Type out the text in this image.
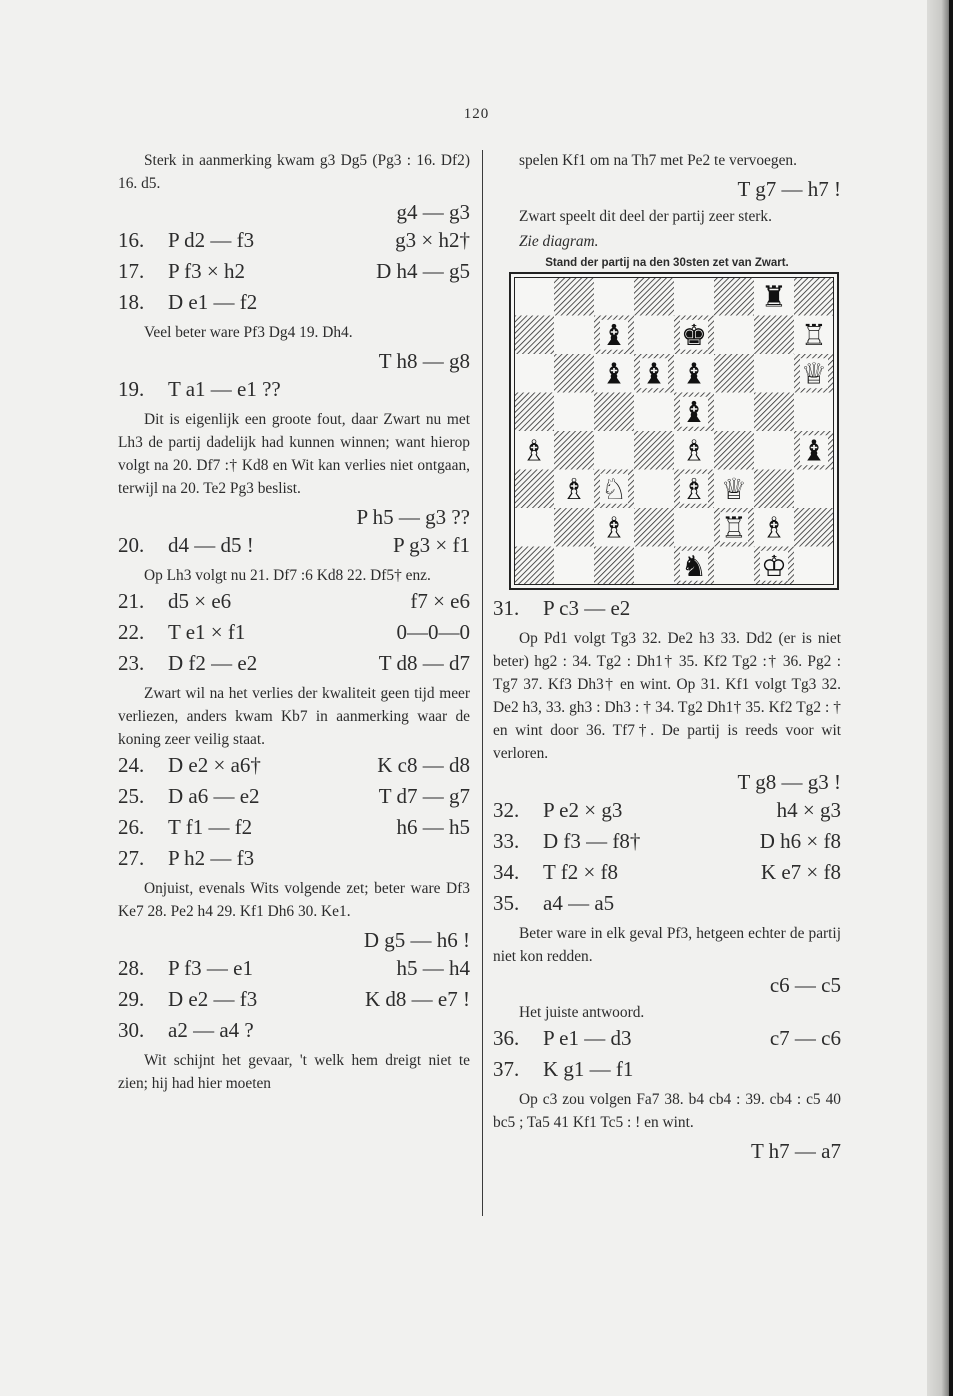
120

Sterk in aanmerking kwam g3 Dg5 (Pg3 : 16. Df2) 16. d5.

g4 — g3
16.	P d2 — f3	g3 × h2†
17.	P f3 × h2	D h4 — g5
18.	D e1 — f2

Veel beter ware Pf3 Dg4 19. Dh4.

T h8 — g8
19.	T a1 — e1 ??

Dit is eigenlijk een groote fout, daar Zwart nu met Lh3 de partij dadelijk had kunnen winnen; want hierop volgt na 20. Df7 :† Kd8 en Wit kan verlies niet ontgaan, terwijl na 20. Te2 Pg3 beslist.

P h5 — g3 ??
20.	d4 — d5 !	P g3 × f1

Op Lh3 volgt nu 21. Df7 :6 Kd8 22. Df5† enz.

21.	d5 × e6	f7 × e6
22.	T e1 × f1	0—0—0
23.	D f2 — e2	T d8 — d7

Zwart wil na het verlies der kwaliteit geen tijd meer verliezen, anders kwam Kb7 in aanmerking waar de koning zeer veilig staat.

24.	D e2 × a6†	K c8 — d8
25.	D a6 — e2	T d7 — g7
26.	T f1 — f2	h6 — h5
27.	P h2 — f3

Onjuist, evenals Wits volgende zet; beter ware Df3 Ke7 28. Pe2 h4 29. Kf1 Dh6 30. Ke1.

D g5 — h6 !
28.	P f3 — e1	h5 — h4
29.	D e2 — f3	K d8 — e7 !
30.	a2 — a4 ?

Wit schijnt het gevaar, 't welk hem dreigt niet te zien; hij had hier moeten

spelen Kf1 om na Th7 met Pe2 te vervoegen.

T g7 — h7 !

Zwart speelt dit deel der partij zeer sterk.

Zie diagram.

Stand der partij na den 30sten zet van Zwart.
♜
♝ ♚	♖
♝ ♝ ♝	♕
♝
♗	♗	♝
♗ ♘ ♗ ♕
♗	♖ ♗
♞ ♔
31.	P c3 — e2

Op Pd1 volgt Tg3 32. De2 h3 33. Dd2 (er is niet beter) hg2 : 34. Tg2 : Dh1† 35. Kf2 Tg2 :† 36. Pg2 : Tg7 37. Kf3 Dh3† en wint. Op 31. Kf1 volgt Tg3 32. De2 h3, 33. gh3 : Dh3 : † 34. Tg2 Dh1† 35. Kf2 Tg2 : † en wint door 36. Tf7†. De partij is reeds voor wit verloren.

T g8 — g3 !
32.	P e2 × g3	h4 × g3
33.	D f3 — f8†	D h6 × f8
34.	T f2 × f8	K e7 × f8
35.	a4 — a5

Beter ware in elk geval Pf3, hetgeen echter de partij niet kon redden.

c6 — c5

Het juiste antwoord.

36.	P e1 — d3	c7 — c6
37.	K g1 — f1

Op c3 zou volgen Fa7 38. b4 cb4 : 39. cb4 : c5 40 bc5 ; Ta5 41 Kf1 Tc5 : ! en wint.

T h7 — a7
